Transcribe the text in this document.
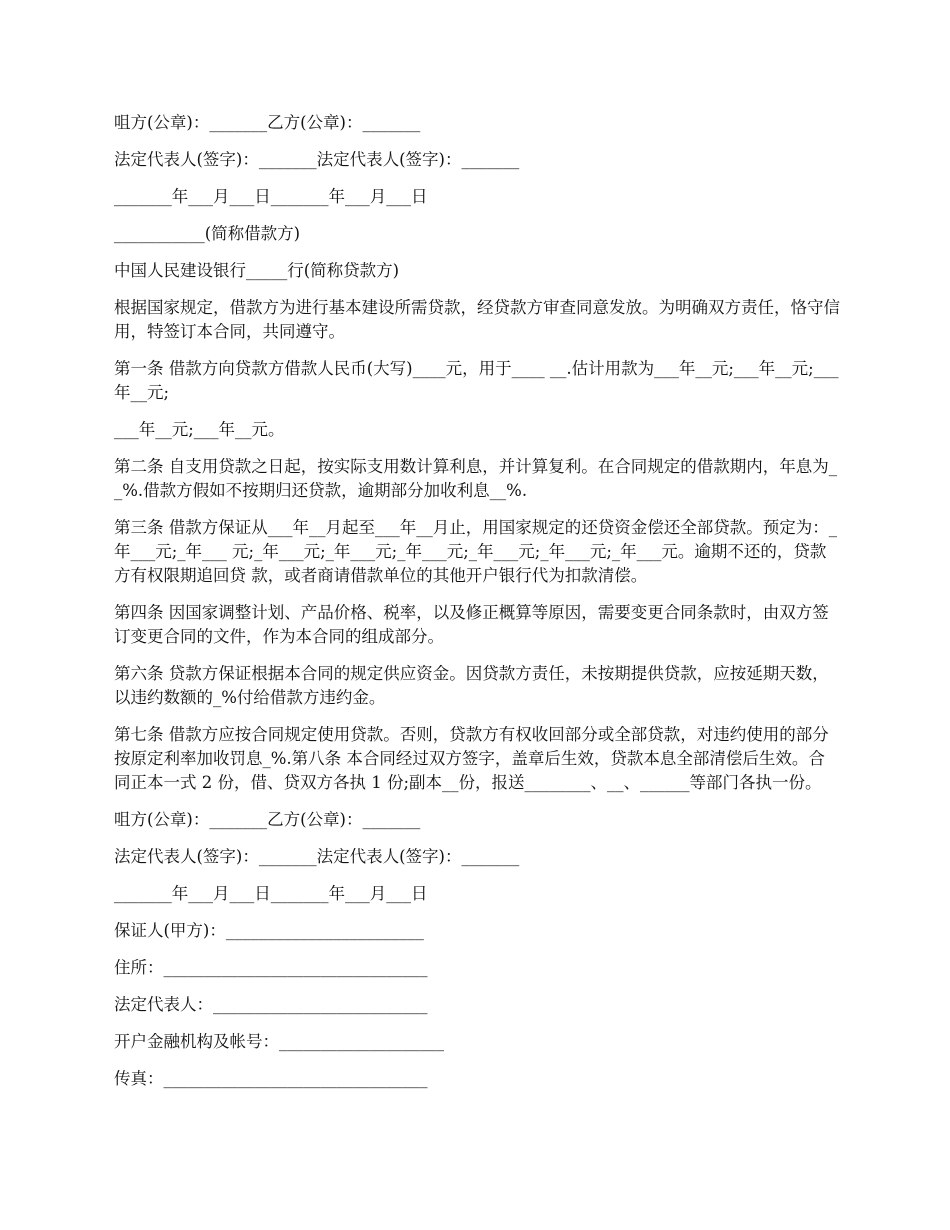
咀方(公章)：_______乙方(公章)：_______

法定代表人(签字)：_______法定代表人(签字)：_______

_______年___月___日_______年___月___日

___________(简称借款方)

中国人民建设银行_____行(简称贷款方)

根据国家规定，借款方为进行基本建设所需贷款，经贷款方审查同意发放。为明确双方责任，恪守信用，特签订本合同，共同遵守。

第一条 借款方向贷款方借款人民币(大写)____元，用于____ __.估计用款为___年__元;___年__元;___年__元;

___年__元;___年__元。

第二条 自支用贷款之日起，按实际支用数计算利息，并计算复利。在合同规定的借款期内，年息为__%.借款方假如不按期归还贷款，逾期部分加收利息__%.

第三条 借款方保证从___年__月起至___年__月止，用国家规定的还贷资金偿还全部贷款。预定为：_年___元;_年___ 元;_年___元;_年___元;_年___元;_年___元;_年___元;_年___元。逾期不还的，贷款方有权限期追回贷 款，或者商请借款单位的其他开户银行代为扣款清偿。

第四条 因国家调整计划、产品价格、税率，以及修正概算等原因，需要变更合同条款时，由双方签订变更合同的文件，作为本合同的组成部分。

第六条 贷款方保证根据本合同的规定供应资金。因贷款方责任，未按期提供贷款，应按延期天数，以违约数额的_%付给借款方违约金。

第七条 借款方应按合同规定使用贷款。否则，贷款方有权收回部分或全部贷款，对违约使用的部分按原定利率加收罚息_%.第八条 本合同经过双方签字，盖章后生效，贷款本息全部清偿后生效。合同正本一式 2 份，借、贷双方各执 1 份;副本__份，报送________、__、______等部门各执一份。

咀方(公章)：_______乙方(公章)：_______

法定代表人(签字)：_______法定代表人(签字)：_______

_______年___月___日_______年___月___日

保证人(甲方)：________________________

住所：________________________________

法定代表人：__________________________

开户金融机构及帐号：____________________

传真：________________________________
